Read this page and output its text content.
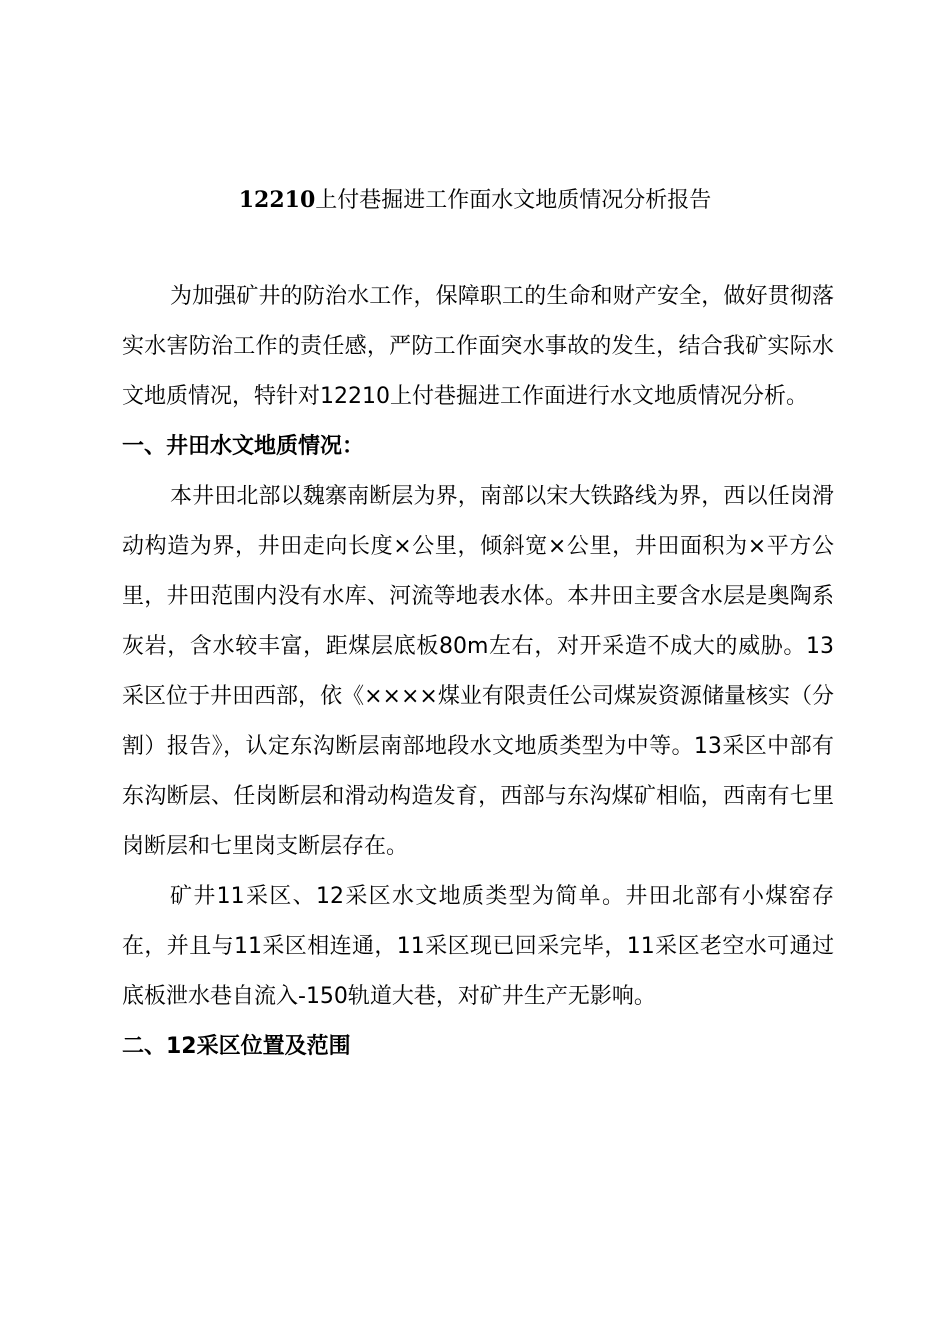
12210上付巷掘进工作面水文地质情况分析报告

为加强矿井的防治水工作，保障职工的生命和财产安全，做好贯彻落实水害防治工作的责任感，严防工作面突水事故的发生，结合我矿实际水文地质情况，特针对12210上付巷掘进工作面进行水文地质情况分析。

一、井田水文地质情况：

本井田北部以魏寨南断层为界，南部以宋大铁路线为界，西以任岗滑动构造为界，井田走向长度×公里，倾斜宽×公里，井田面积为×平方公里，井田范围内没有水库、河流等地表水体。本井田主要含水层是奥陶系灰岩，含水较丰富，距煤层底板80m左右，对开采造不成大的威胁。13采区位于井田西部，依《××××煤业有限责任公司煤炭资源储量核实（分割）报告》，认定东沟断层南部地段水文地质类型为中等。13采区中部有东沟断层、任岗断层和滑动构造发育，西部与东沟煤矿相临，西南有七里岗断层和七里岗支断层存在。

矿井11采区、12采区水文地质类型为简单。井田北部有小煤窑存在，并且与11采区相连通，11采区现已回采完毕，11采区老空水可通过底板泄水巷自流入-150轨道大巷，对矿井生产无影响。

二、12采区位置及范围
